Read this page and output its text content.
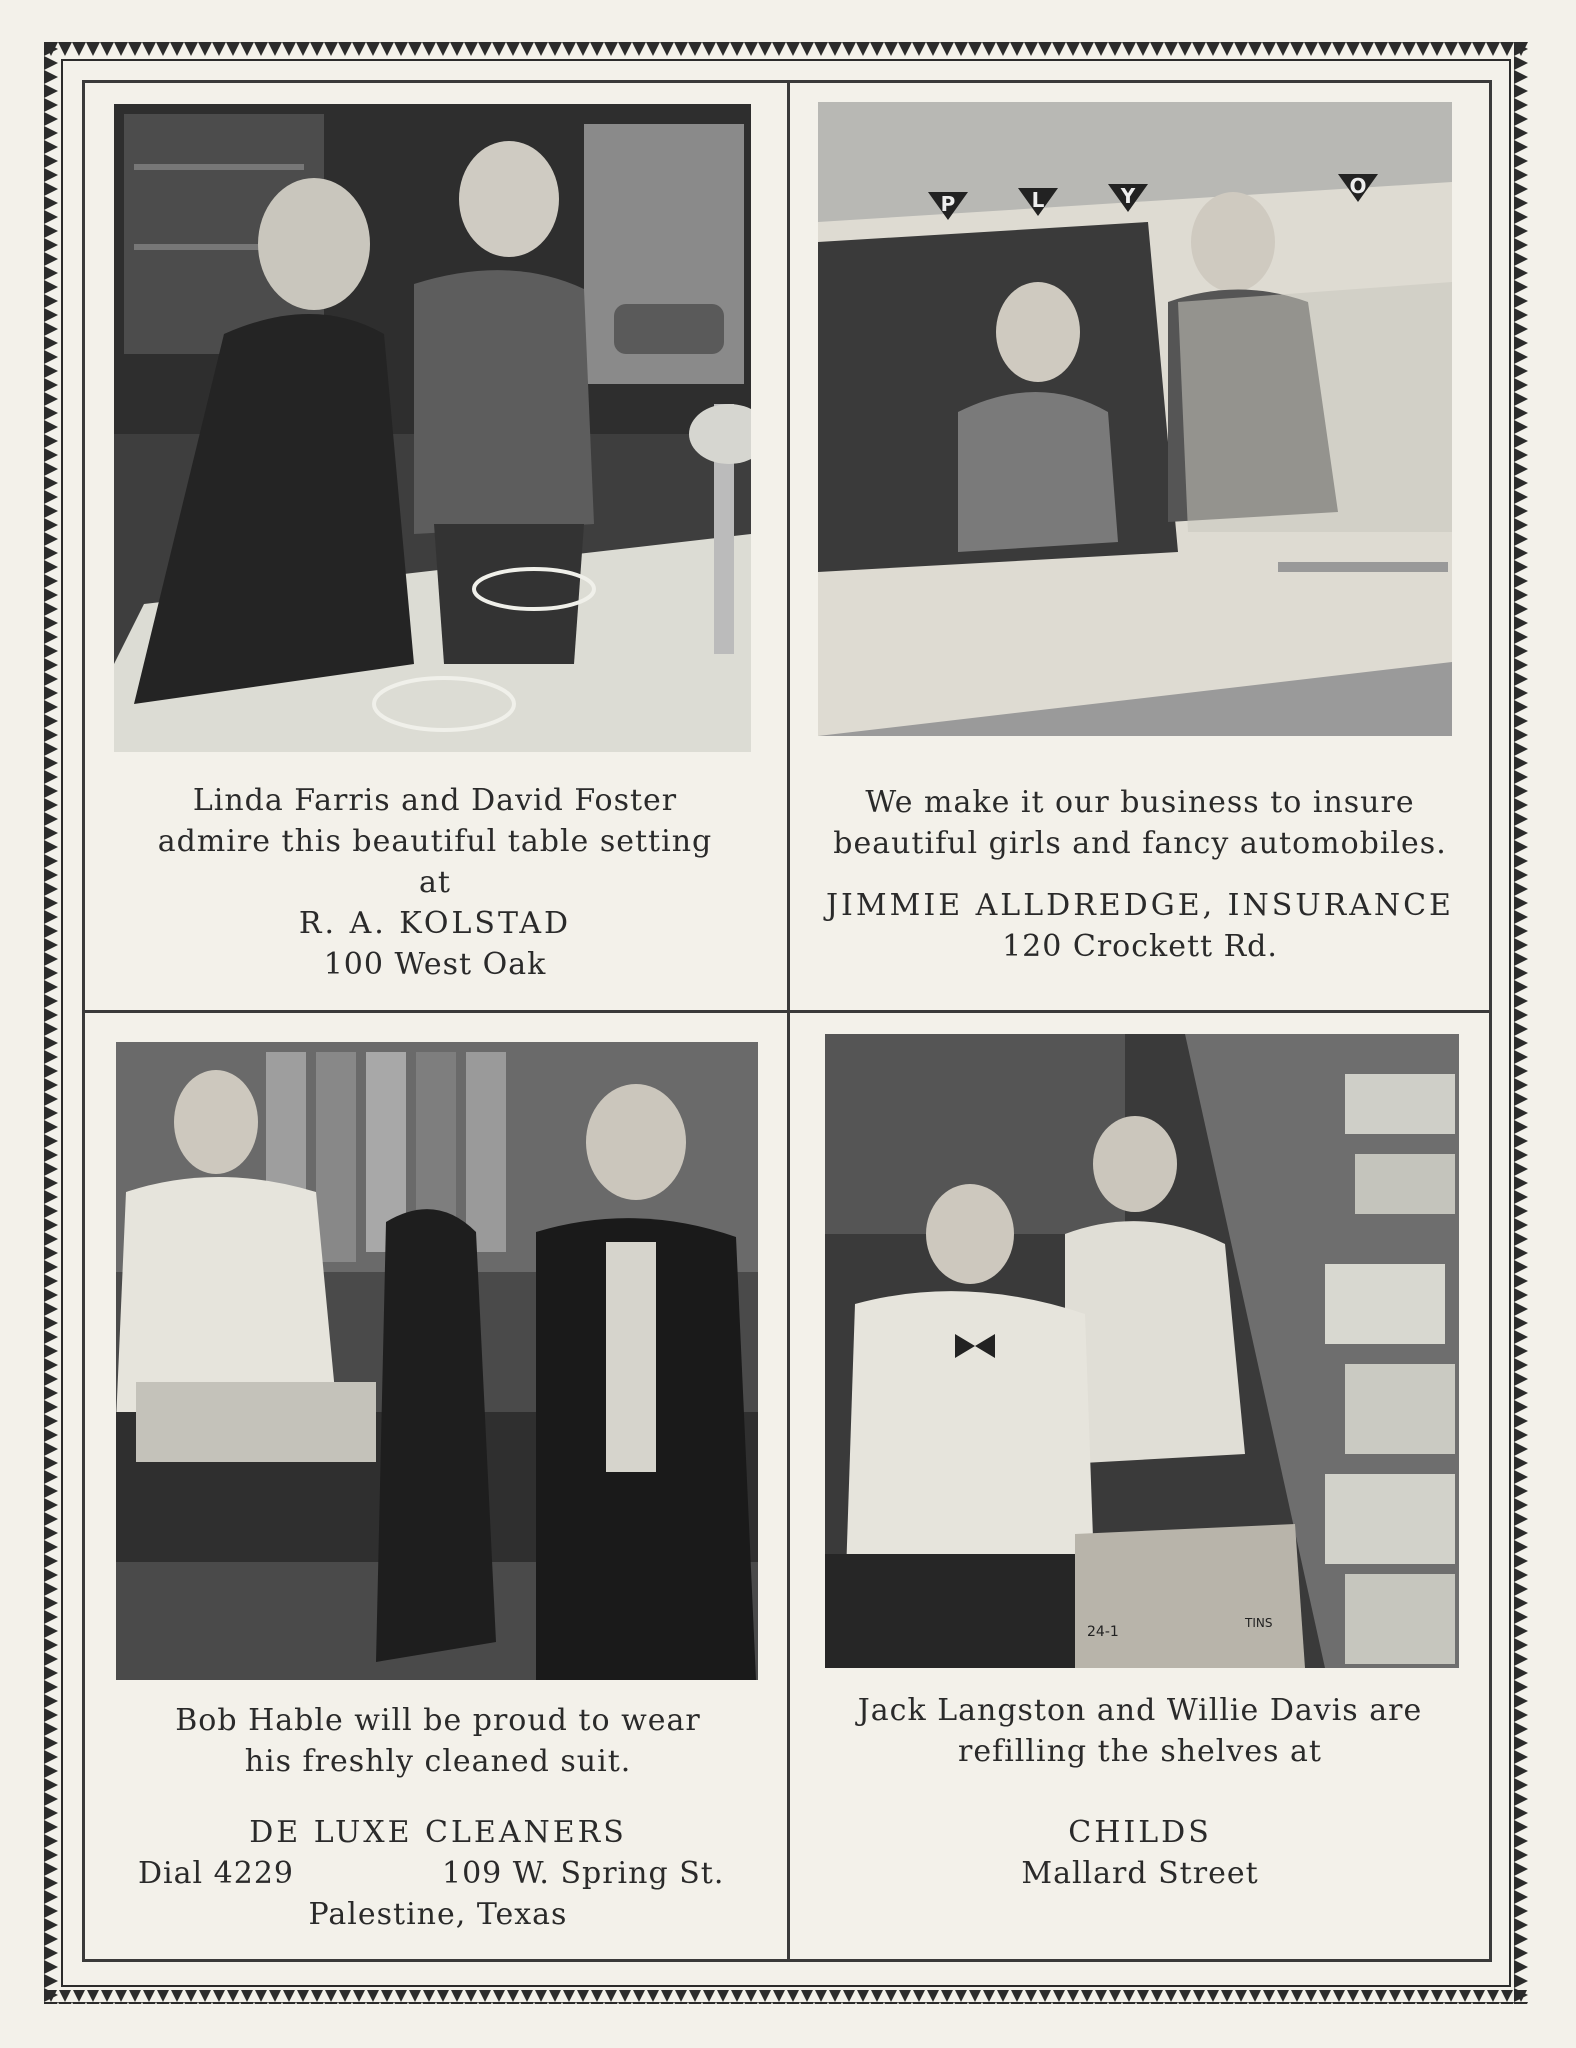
Linda Farris and David Foster
admire this beautiful table setting
at
R. A. KOLSTAD
100 West Oak
P	L	Y	O
We make it our business to insure
beautiful girls and fancy automobiles.
JIMMIE ALLDREDGE, INSURANCE
120 Crockett Rd.
Bob Hable will be proud to wear
his freshly cleaned suit.
DE LUXE CLEANERS
Dial 4229	109 W. Spring St.
Palestine, Texas
24-1
TINS
Jack Langston and Willie Davis are
refilling the shelves at
CHILDS
Mallard Street
